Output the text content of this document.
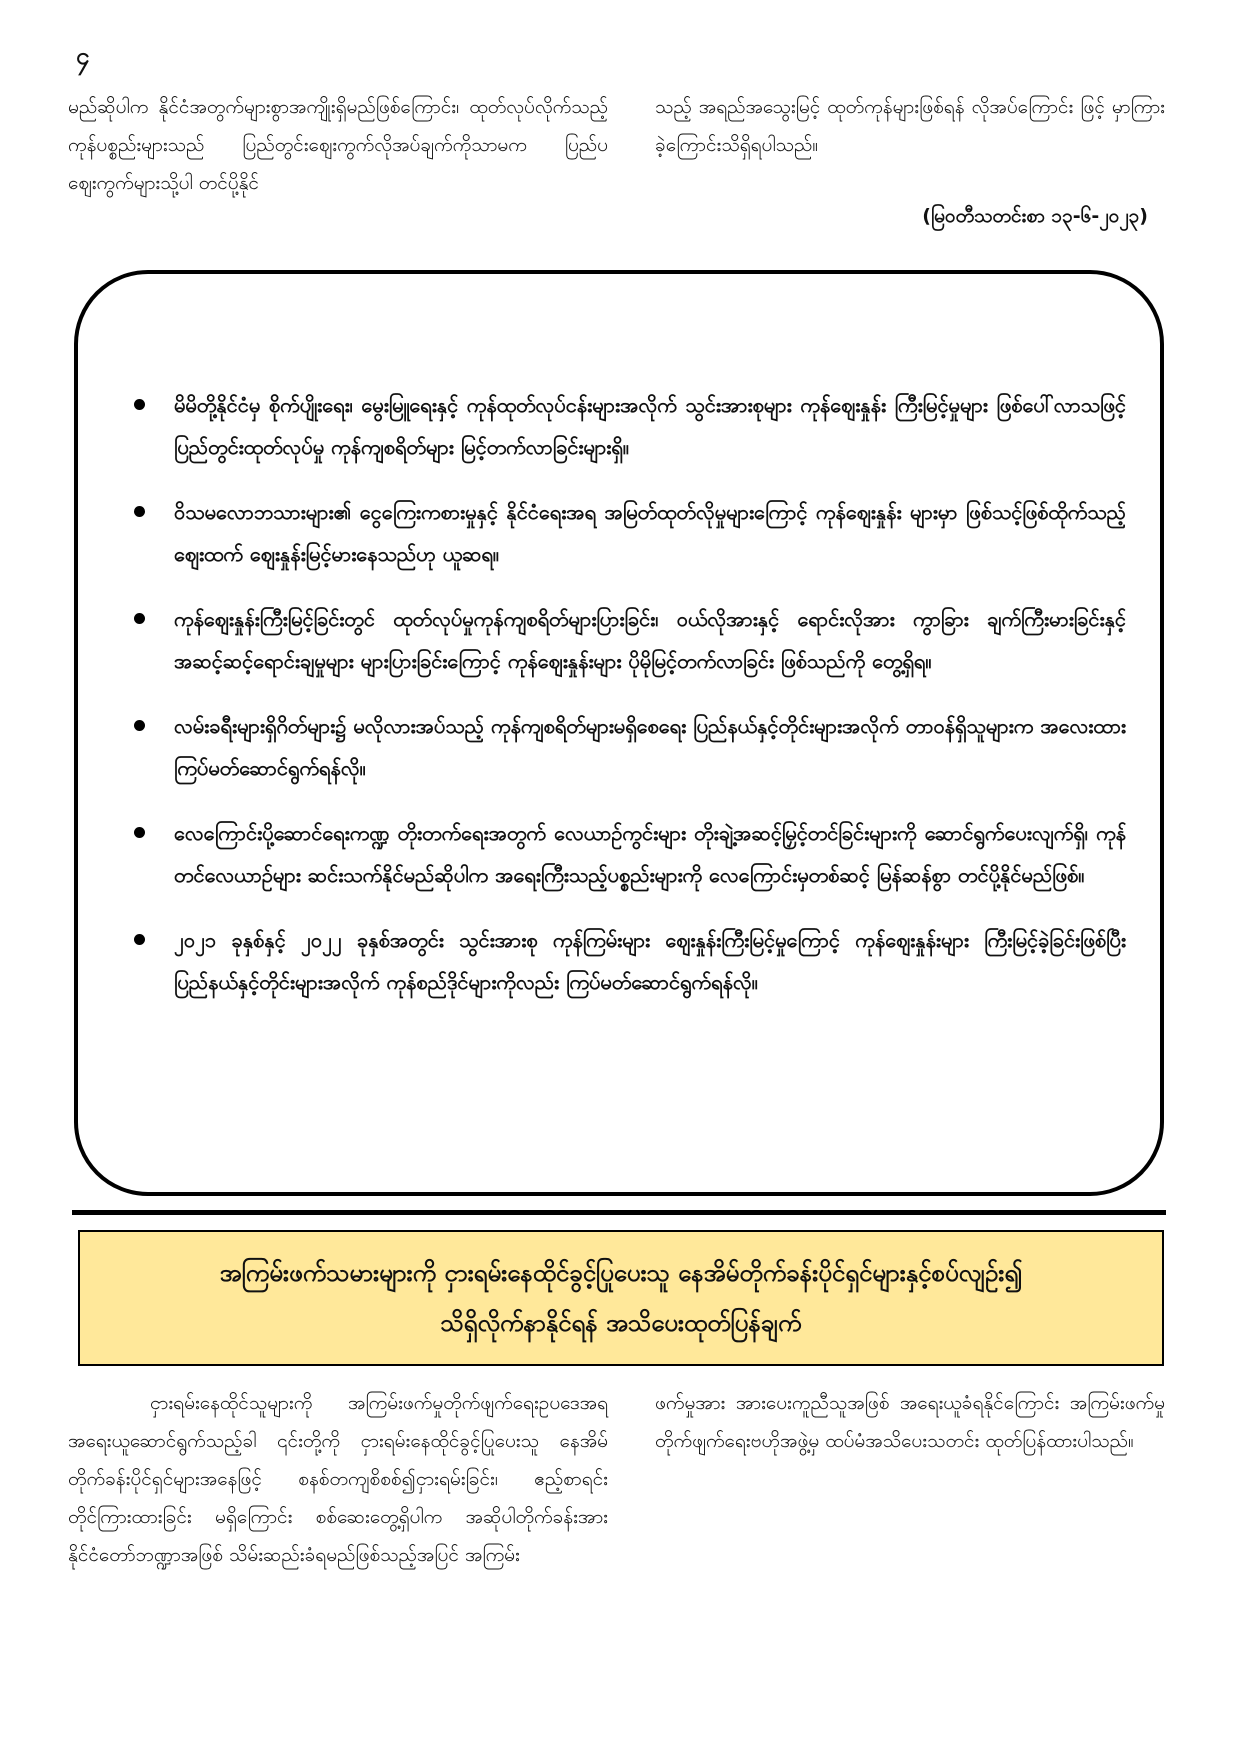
၄

မည်ဆိုပါက နိုင်ငံအတွက်များစွာအကျိုးရှိမည်ဖြစ်ကြောင်း၊ ထုတ်လုပ်လိုက်သည့် ကုန်ပစ္စည်းများသည် ပြည်တွင်းဈေးကွက်လိုအပ်ချက်ကိုသာမက ပြည်ပဈေးကွက်များသို့ပါ တင်ပို့နိုင်

သည့် အရည်အသွေးမြင့် ထုတ်ကုန်များဖြစ်ရန် လိုအပ်ကြောင်း ဖြင့် မှာကြားခဲ့ကြောင်းသိရှိရပါသည်။

(မြဝတီသတင်းစာ ၁၃-၆-၂၀၂၃)
မိမိတို့နိုင်ငံမှ စိုက်ပျိုးရေး၊ မွေးမြူရေးနှင့် ကုန်ထုတ်လုပ်ငန်းများအလိုက် သွင်းအားစုများ ကုန်ဈေးနှုန်း ကြီးမြင့်မှုများ ဖြစ်ပေါ်လာသဖြင့် ပြည်တွင်းထုတ်လုပ်မှု ကုန်ကျစရိတ်များ မြင့်တက်လာခြင်းများရှိ။
ဝိသမလောဘသားများ၏ ငွေကြေးကစားမှုနှင့် နိုင်ငံရေးအရ အမြတ်ထုတ်လိုမှုများကြောင့် ကုန်ဈေးနှုန်း များမှာ ဖြစ်သင့်ဖြစ်ထိုက်သည့်ဈေးထက် ဈေးနှုန်းမြင့်မားနေသည်ဟု ယူဆရ။
ကုန်ဈေးနှုန်းကြီးမြင့်ခြင်းတွင် ထုတ်လုပ်မှုကုန်ကျစရိတ်များပြားခြင်း၊ ဝယ်လိုအားနှင့် ရောင်းလိုအား ကွာခြား ချက်ကြီးမားခြင်းနှင့် အဆင့်ဆင့်ရောင်းချမှုများ များပြားခြင်းကြောင့် ကုန်ဈေးနှုန်းများ ပိုမိုမြင့်တက်လာခြင်း ဖြစ်သည်ကို တွေ့ရှိရ။
လမ်းခရီးများရှိဂိတ်များ၌ မလိုလားအပ်သည့် ကုန်ကျစရိတ်များမရှိစေရေး ပြည်နယ်နှင့်တိုင်းများအလိုက် တာဝန်ရှိသူများက အလေးထားကြပ်မတ်ဆောင်ရွက်ရန်လို။
လေကြောင်းပို့ဆောင်ရေးကဏ္ဍ တိုးတက်ရေးအတွက် လေယာဉ်ကွင်းများ တိုးချဲ့အဆင့်မြှင့်တင်ခြင်းများကို ဆောင်ရွက်ပေးလျက်ရှိ၊ ကုန်တင်လေယာဉ်များ ဆင်းသက်နိုင်မည်ဆိုပါက အရေးကြီးသည့်ပစ္စည်းများကို လေကြောင်းမှတစ်ဆင့် မြန်ဆန်စွာ တင်ပို့နိုင်မည်ဖြစ်။
၂၀၂၁ ခုနှစ်နှင့် ၂၀၂၂ ခုနှစ်အတွင်း သွင်းအားစု ကုန်ကြမ်းများ ဈေးနှုန်းကြီးမြင့်မှုကြောင့် ကုန်ဈေးနှုန်းများ ကြီးမြင့်ခဲ့ခြင်းဖြစ်ပြီး ပြည်နယ်နှင့်တိုင်းများအလိုက် ကုန်စည်ဒိုင်များကိုလည်း ကြပ်မတ်ဆောင်ရွက်ရန်လို။
အကြမ်းဖက်သမားများကို ငှားရမ်းနေထိုင်ခွင့်ပြုပေးသူ နေအိမ်တိုက်ခန်းပိုင်ရှင်များနှင့်စပ်လျဉ်း၍
သိရှိလိုက်နာနိုင်ရန် အသိပေးထုတ်ပြန်ချက်

ငှားရမ်းနေထိုင်သူများကို အကြမ်းဖက်မှုတိုက်ဖျက်ရေးဥပဒေအရ အရေးယူဆောင်ရွက်သည့်ခါ ၎င်းတို့ကို ငှားရမ်းနေထိုင်ခွင့်ပြုပေးသူ နေအိမ်တိုက်ခန်းပိုင်ရှင်များအနေဖြင့် စနစ်တကျစိစစ်၍ငှားရမ်းခြင်း၊ ဧည့်စာရင်းတိုင်ကြားထားခြင်း မရှိကြောင်း စစ်ဆေးတွေ့ရှိပါက အဆိုပါတိုက်ခန်းအား နိုင်ငံတော်ဘဏ္ဍာအဖြစ် သိမ်းဆည်းခံရမည်ဖြစ်သည့်အပြင် အကြမ်း

ဖက်မှုအား အားပေးကူညီသူအဖြစ် အရေးယူခံရနိုင်ကြောင်း အကြမ်းဖက်မှုတိုက်ဖျက်ရေးဗဟိုအဖွဲ့မှ ထပ်မံအသိပေးသတင်း ထုတ်ပြန်ထားပါသည်။
